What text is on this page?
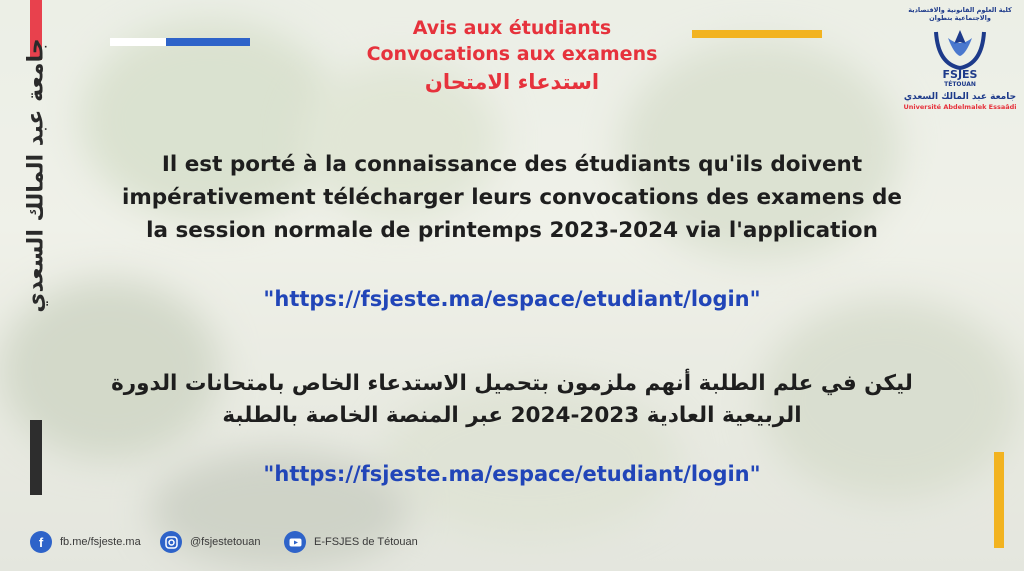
جامعة عبد المالك السعدي
Avis aux étudiants
Convocations aux examens
استدعاء الامتحان
كلية العلوم القانونية والاقتصادية والاجتماعية بتطوان
FSJES
TÉTOUAN
جامعة عبد المالك السعدي
Université Abdelmalek Essaâdi
Il est porté à la connaissance des étudiants qu'ils doivent
impérativement télécharger leurs convocations des examens de
la session normale de printemps 2023-2024 via l'application
"https://fsjeste.ma/espace/etudiant/login"
ليكن في علم الطلبة أنهم ملزمون بتحميل الاستدعاء الخاص بامتحانات الدورة
الربيعية العادية 2023-2024 عبر المنصة الخاصة بالطلبة
"https://fsjeste.ma/espace/etudiant/login"
f	fb.me/fsjeste.ma	@fsjestetouan	E-FSJES de Tétouan
